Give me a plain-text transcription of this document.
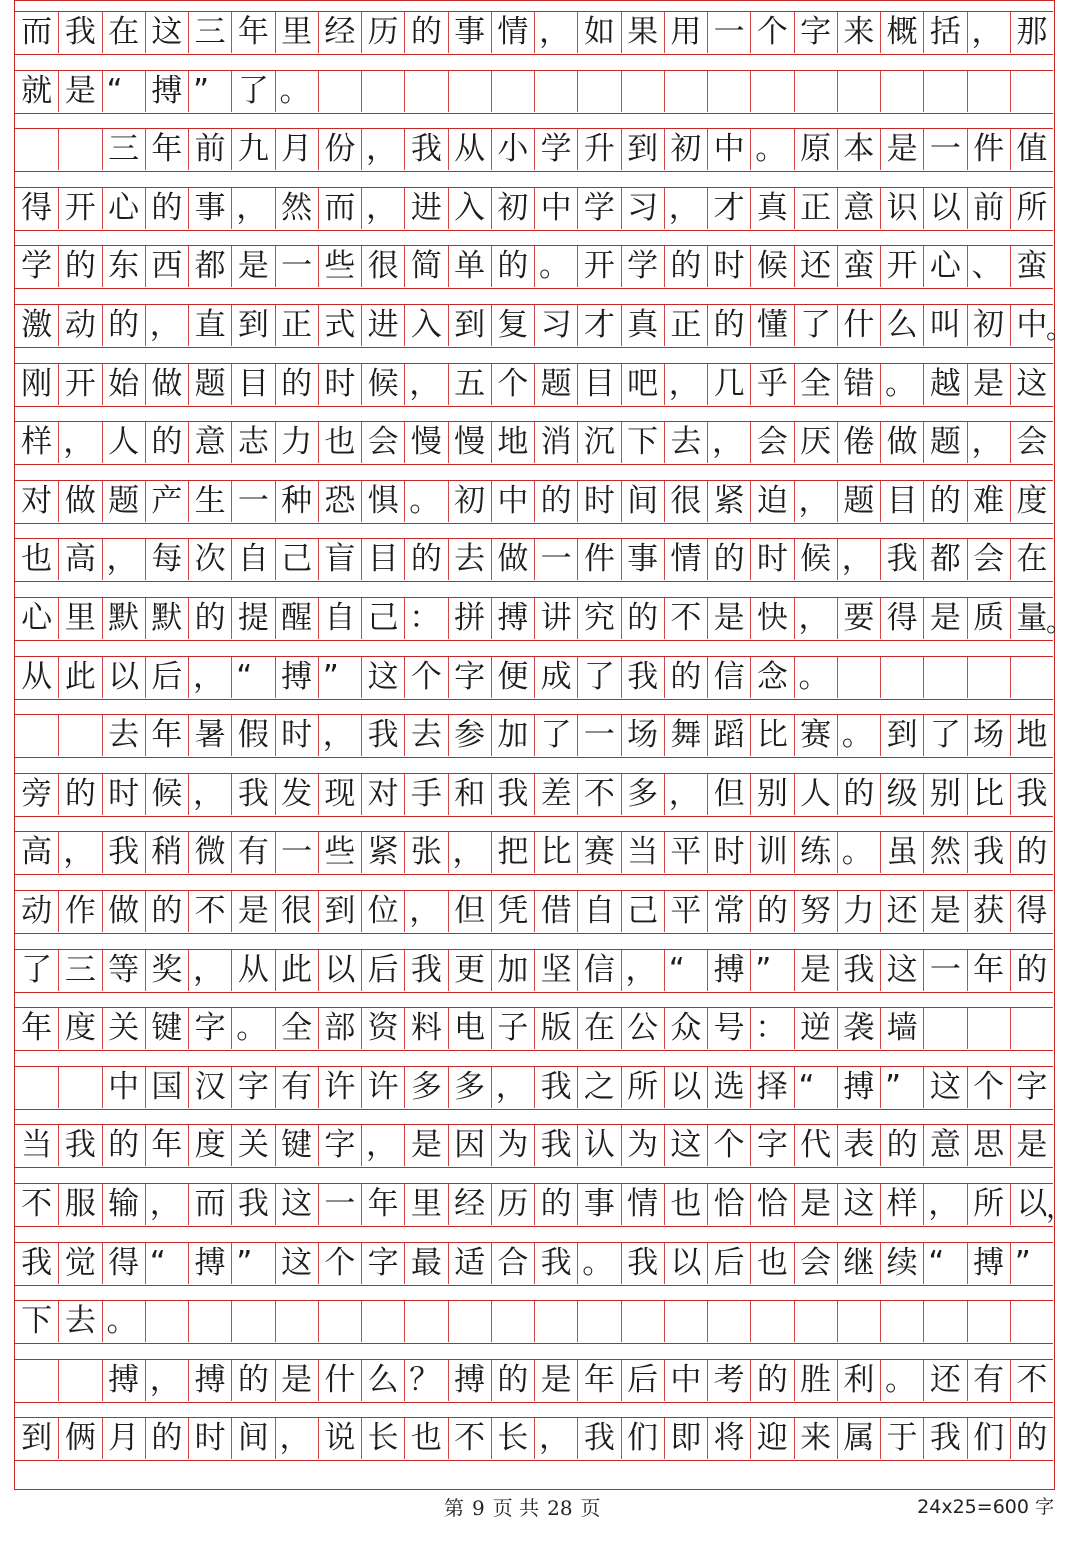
而 我 在 这 三 年 里 经 历 的 事 情 ， 如 果 用 一 个 字 来 概 括 ， 那
就 是 “ 搏 ” 了 。
三 年 前 九 月 份 ， 我 从 小 学 升 到 初 中 。 原 本 是 一 件 值
得 开 心 的 事 ， 然 而 ， 进 入 初 中 学 习 ， 才 真 正 意 识 以 前 所
学 的 东 西 都 是 一 些 很 简 单 的 。 开 学 的 时 候 还 蛮 开 心 、 蛮
激 动 的 ， 直 到 正 式 进 入 到 复 习 才 真 正 的 懂 了 什 么 叫 初 中
刚 开 始 做 题 目 的 时 候 ， 五 个 题 目 吧 ， 几 乎 全 错 。 越 是 这
样 ， 人 的 意 志 力 也 会 慢 慢 地 消 沉 下 去 ， 会 厌 倦 做 题 ， 会
对 做 题 产 生 一 种 恐 惧 。 初 中 的 时 间 很 紧 迫 ， 题 目 的 难 度
也 高 ， 每 次 自 己 盲 目 的 去 做 一 件 事 情 的 时 候 ， 我 都 会 在
心 里 默 默 的 提 醒 自 己 ： 拼 搏 讲 究 的 不 是 快 ， 要 得 是 质 量
从 此 以 后 ， “ 搏 ” 这 个 字 便 成 了 我 的 信 念 。
去 年 暑 假 时 ， 我 去 参 加 了 一 场 舞 蹈 比 赛 。 到 了 场 地
旁 的 时 候 ， 我 发 现 对 手 和 我 差 不 多 ， 但 别 人 的 级 别 比 我
高 ， 我 稍 微 有 一 些 紧 张 ， 把 比 赛 当 平 时 训 练 。 虽 然 我 的
动 作 做 的 不 是 很 到 位 ， 但 凭 借 自 己 平 常 的 努 力 还 是 获 得
了 三 等 奖 ， 从 此 以 后 我 更 加 坚 信 ， “ 搏 ” 是 我 这 一 年 的
年 度 关 键 字 。 全 部 资 料 电 子 版 在 公 众 号 ： 逆 袭 墙
中 国 汉 字 有 许 许 多 多 ， 我 之 所 以 选 择 “ 搏 ” 这 个 字
当 我 的 年 度 关 键 字 ， 是 因 为 我 认 为 这 个 字 代 表 的 意 思 是
不 服 输 ， 而 我 这 一 年 里 经 历 的 事 情 也 恰 恰 是 这 样 ， 所 以
我 觉 得 “ 搏 ” 这 个 字 最 适 合 我 。 我 以 后 也 会 继 续 “ 搏 ”
下 去 。
搏 ， 搏 的 是 什 么 ？ 搏 的 是 年 后 中 考 的 胜 利 。 还 有 不
到 俩 月 的 时 间 ， 说 长 也 不 长 ， 我 们 即 将 迎 来 属 于 我 们 的
第 9 页 共 28 页	24x25=600 字
。
。
，
